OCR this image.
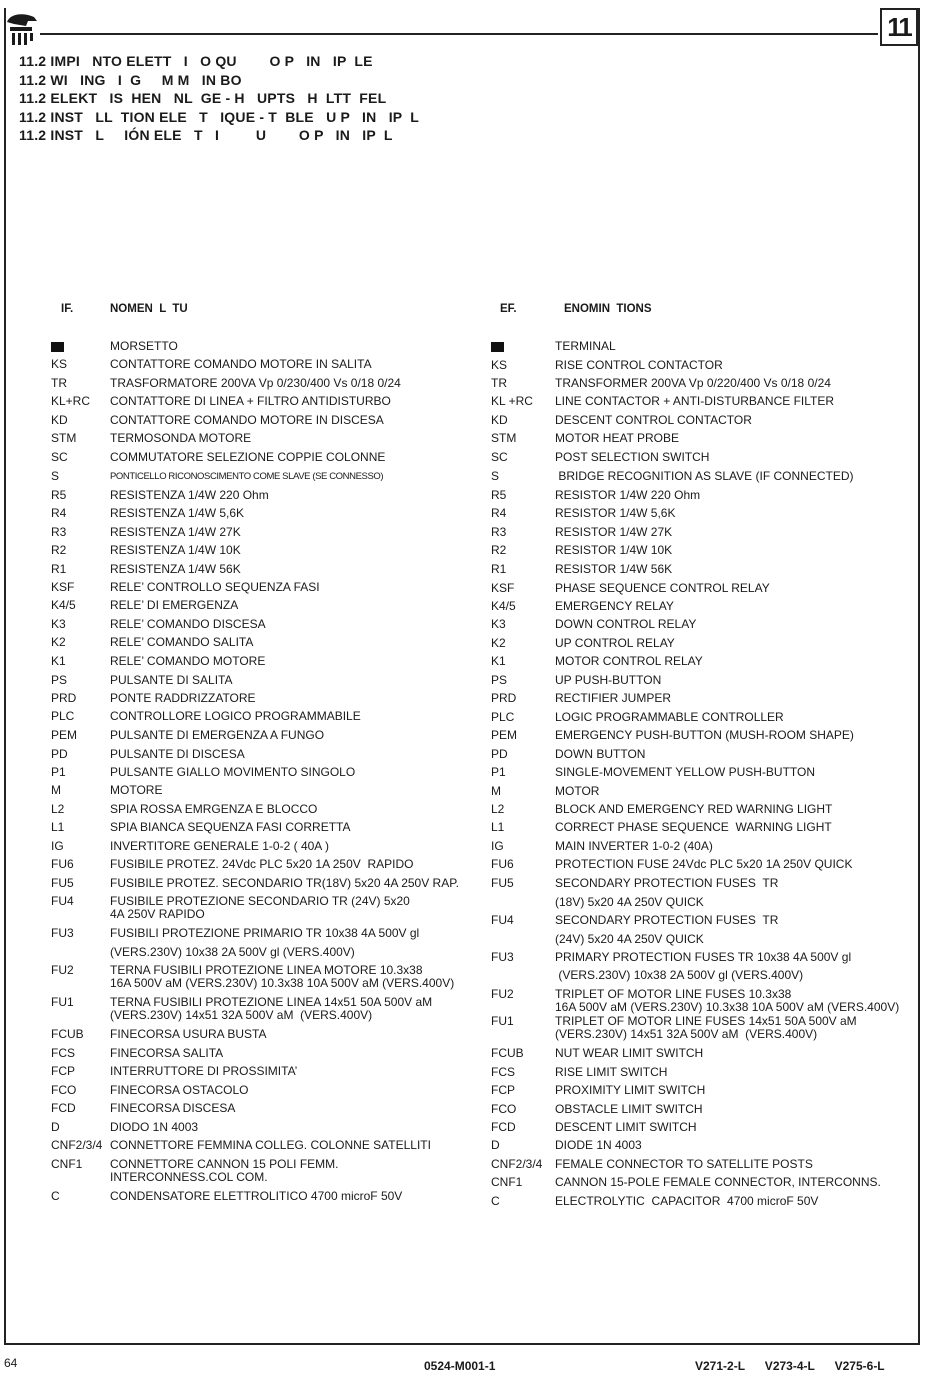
11
11.2 IMPI   NTO ELETT   I   O QU        O P   IN   IP  LE
11.2 WI   ING   I  G     M M   IN BO
11.2 ELEKT   IS  HEN   NL  GE - H   UPTS   H  LTT  FEL
11.2 INST   LL  TION ELE   T   IQUE - T  BLE   U P   IN   IP  L
11.2 INST   L     IÓN ELE   T   I         U        O P   IN   IP  L
IF.	NOMEN  L  TU	EF.	ENOMIN  TIONS
MORSETTO
KS	CONTATTORE COMANDO MOTORE IN SALITA
TR	TRASFORMATORE 200VA Vp 0/230/400 Vs 0/18 0/24
KL+RC CONTATTORE DI LINEA + FILTRO ANTIDISTURBO
KD	CONTATTORE COMANDO MOTORE IN DISCESA
STM	TERMOSONDA MOTORE
SC	COMMUTATORE SELEZIONE COPPIE COLONNE
S	PONTICELLO RICONOSCIMENTO COME SLAVE (SE CONNESSO)
R5	RESISTENZA 1/4W 220 Ohm
R4	RESISTENZA 1/4W 5,6K
R3	RESISTENZA 1/4W 27K
R2	RESISTENZA 1/4W 10K
R1	RESISTENZA 1/4W 56K
KSF	RELE’ CONTROLLO SEQUENZA FASI
K4/5	RELE’ DI EMERGENZA
K3	RELE’ COMANDO DISCESA
K2	RELE’ COMANDO SALITA
K1	RELE’ COMANDO MOTORE
PS	PULSANTE DI SALITA
PRD	PONTE RADDRIZZATORE
PLC	CONTROLLORE LOGICO PROGRAMMABILE
PEM	PULSANTE DI EMERGENZA A FUNGO
PD	PULSANTE DI DISCESA
P1	PULSANTE GIALLO MOVIMENTO SINGOLO
M	MOTORE
L2	SPIA ROSSA EMRGENZA E BLOCCO
L1	SPIA BIANCA SEQUENZA FASI CORRETTA
IG	INVERTITORE GENERALE 1-0-2 ( 40A )
FU6	FUSIBILE PROTEZ. 24Vdc PLC 5x20 1A 250V  RAPIDO
FU5	FUSIBILE PROTEZ. SECONDARIO TR(18V) 5x20 4A 250V RAP.
FU4	FUSIBILE PROTEZIONE SECONDARIO TR (24V) 5x20
4A 250V RAPIDO
FU3	FUSIBILI PROTEZIONE PRIMARIO TR 10x38 4A 500V gl
(VERS.230V) 10x38 2A 500V gl (VERS.400V)
FU2	TERNA FUSIBILI PROTEZIONE LINEA MOTORE 10.3x38
16A 500V aM (VERS.230V) 10.3x38 10A 500V aM (VERS.400V)
FU1	TERNA FUSIBILI PROTEZIONE LINEA 14x51 50A 500V aM
(VERS.230V) 14x51 32A 500V aM  (VERS.400V)
FCUB FINECORSA USURA BUSTA
FCS	FINECORSA SALITA
FCP	INTERRUTTORE DI PROSSIMITA’
FCO	FINECORSA OSTACOLO
FCD	FINECORSA DISCESA
D	DIODO 1N 4003
CNF2/3/4 CONNETTORE FEMMINA COLLEG. COLONNE SATELLITI
CNF1 CONNETTORE CANNON 15 POLI FEMM.
INTERCONNESS.COL COM.
C	CONDENSATORE ELETTROLITICO 4700 microF 50V
TERMINAL
KS	RISE CONTROL CONTACTOR
TR	TRANSFORMER 200VA Vp 0/220/400 Vs 0/18 0/24
KL +RC LINE CONTACTOR + ANTI-DISTURBANCE FILTER
KD	DESCENT CONTROL CONTACTOR
STM	MOTOR HEAT PROBE
SC	POST SELECTION SWITCH
S	BRIDGE RECOGNITION AS SLAVE (IF CONNECTED)
R5	RESISTOR 1/4W 220 Ohm
R4	RESISTOR 1/4W 5,6K
R3	RESISTOR 1/4W 27K
R2	RESISTOR 1/4W 10K
R1	RESISTOR 1/4W 56K
KSF	PHASE SEQUENCE CONTROL RELAY
K4/5	EMERGENCY RELAY
K3	DOWN CONTROL RELAY
K2	UP CONTROL RELAY
K1	MOTOR CONTROL RELAY
PS	UP PUSH-BUTTON
PRD	RECTIFIER JUMPER
PLC	LOGIC PROGRAMMABLE CONTROLLER
PEM	EMERGENCY PUSH-BUTTON (MUSH-ROOM SHAPE)
PD	DOWN BUTTON
P1	SINGLE-MOVEMENT YELLOW PUSH-BUTTON
M	MOTOR
L2	BLOCK AND EMERGENCY RED WARNING LIGHT
L1	CORRECT PHASE SEQUENCE  WARNING LIGHT
IG	MAIN INVERTER 1-0-2 (40A)
FU6	PROTECTION FUSE 24Vdc PLC 5x20 1A 250V QUICK
FU5	SECONDARY PROTECTION FUSES  TR
(18V) 5x20 4A 250V QUICK
FU4	SECONDARY PROTECTION FUSES  TR
(24V) 5x20 4A 250V QUICK
FU3	PRIMARY PROTECTION FUSES TR 10x38 4A 500V gl
(VERS.230V) 10x38 2A 500V gl (VERS.400V)
FU2	TRIPLET OF MOTOR LINE FUSES 10.3x38
16A 500V aM (VERS.230V) 10.3x38 10A 500V aM (VERS.400V)
FU1	TRIPLET OF MOTOR LINE FUSES 14x51 50A 500V aM
(VERS.230V) 14x51 32A 500V aM  (VERS.400V)
FCUB	NUT WEAR LIMIT SWITCH
FCS	RISE LIMIT SWITCH
FCP	PROXIMITY LIMIT SWITCH
FCO	OBSTACLE LIMIT SWITCH
FCD	DESCENT LIMIT SWITCH
D	DIODE 1N 4003
CNF2/3/4 FEMALE CONNECTOR TO SATELLITE POSTS
CNF1	CANNON 15-POLE FEMALE CONNECTOR, INTERCONNS.
C	ELECTROLYTIC  CAPACITOR  4700 microF 50V
64	0524-M001-1	V271-2-L      V273-4-L      V275-6-L
